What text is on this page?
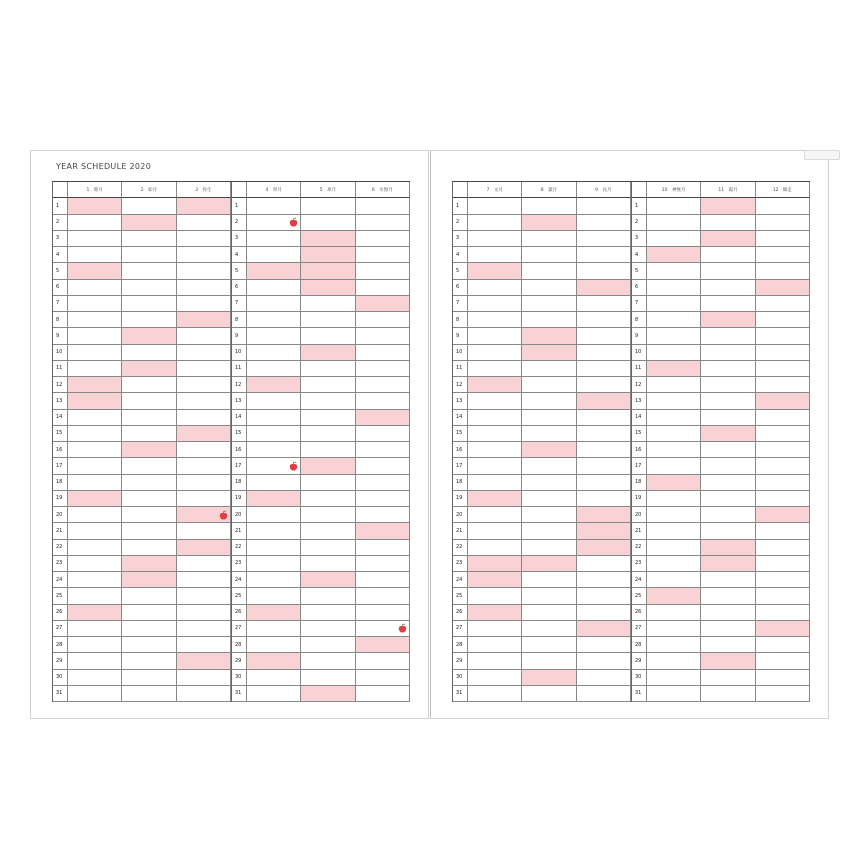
YEAR SCHEDULE 2020
1　睦月	2　如月	3　弥生
1
2
3
4
5
6
7
8
9
10
11
12
13
14
15
16
17
18
19
20
21
22
23
24
25
26
27
28
29
30
31
4　卯月	5　皐月	6　水無月
1
2
3
4
5
6
7
8
9
10
11
12
13
14
15
16
17
18
19
20
21
22
23
24
25
26
27
28
29
30
31
7　文月	8　葉月	9　長月
1
2
3
4
5
6
7
8
9
10
11
12
13
14
15
16
17
18
19
20
21
22
23
24
25
26
27
28
29
30
31
10　神無月	11　霜月	12　師走
1
2
3
4
5
6
7
8
9
10
11
12
13
14
15
16
17
18
19
20
21
22
23
24
25
26
27
28
29
30
31
